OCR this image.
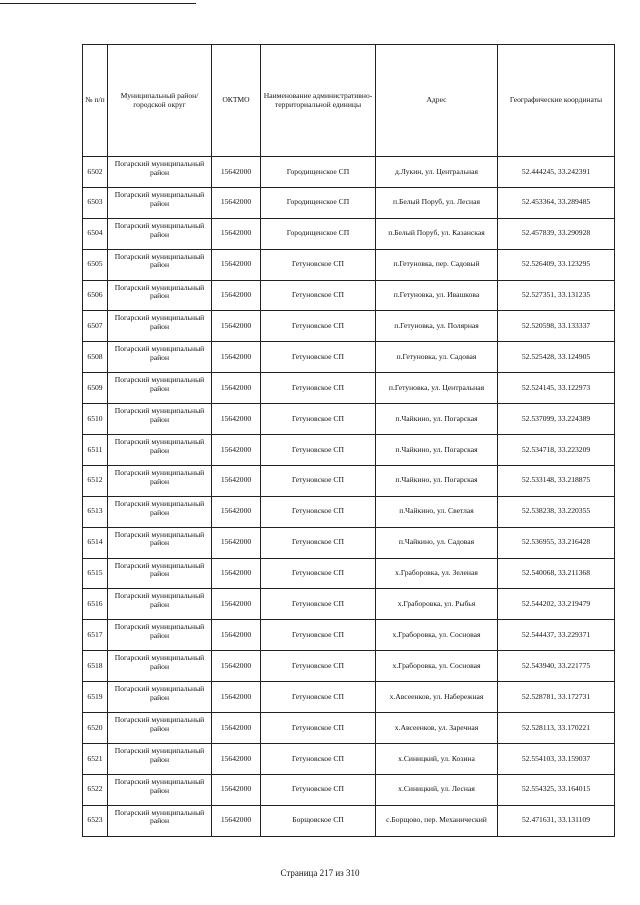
№ п/п	Муниципальный район/городской округ	ОКТМО	Наименование административно-территориальной единицы	Адрес	Географические координаты
6502	Погарский муниципальный район	15642000	Городищенское СП	д.Лукин, ул. Центральная	52.444245, 33.242391
6503	Погарский муниципальный район	15642000	Городищенское СП	п.Белый Поруб, ул. Лесная	52.453364, 33.289485
6504	Погарский муниципальный район	15642000	Городищенское СП	п.Белый Поруб, ул. Казанская	52.457839, 33.290928
6505	Погарский муниципальный район	15642000	Гетуновское СП	п.Гетуновка, пер. Садовый	52.526409, 33.123295
6506	Погарский муниципальный район	15642000	Гетуновское СП	п.Гетуновка, ул. Ивашкова	52.527351, 33.131235
6507	Погарский муниципальный район	15642000	Гетуновское СП	п.Гетуновка, ул. Полярная	52.520598, 33.133337
6508	Погарский муниципальный район	15642000	Гетуновское СП	п.Гетуновка, ул. Садовая	52.525428, 33.124905
6509	Погарский муниципальный район	15642000	Гетуновское СП	п.Гетуновка, ул. Центральная	52.524145, 33.122973
6510	Погарский муниципальный район	15642000	Гетуновское СП	п.Чайкино, ул. Погарская	52.537099, 33.224389
6511	Погарский муниципальный район	15642000	Гетуновское СП	п.Чайкино, ул. Погарская	52.534718, 33.223209
6512	Погарский муниципальный район	15642000	Гетуновское СП	п.Чайкино, ул. Погарская	52.533148, 33.218875
6513	Погарский муниципальный район	15642000	Гетуновское СП	п.Чайкино, ул. Светлая	52.538238, 33.220355
6514	Погарский муниципальный район	15642000	Гетуновское СП	п.Чайкино, ул. Садовая	52.536955, 33.216428
6515	Погарский муниципальный район	15642000	Гетуновское СП	х.Граборовка, ул. Зеленая	52.540068, 33.211368
6516	Погарский муниципальный район	15642000	Гетуновское СП	х.Граборовка, ул. Рыбья	52.544202, 33.219479
6517	Погарский муниципальный район	15642000	Гетуновское СП	х.Граборовка, ул. Сосновая	52.544437, 33.229371
6518	Погарский муниципальный район	15642000	Гетуновское СП	х.Граборовка, ул. Сосновая	52.543940, 33.221775
6519	Погарский муниципальный район	15642000	Гетуновское СП	х.Авсеенков, ул. Набережная	52.528781, 33.172731
6520	Погарский муниципальный район	15642000	Гетуновское СП	х.Авсеенков, ул. Заречная	52.528113, 33.170221
6521	Погарский муниципальный район	15642000	Гетуновское СП	х.Синицкий, ул. Козина	52.554103, 33.159037
6522	Погарский муниципальный район	15642000	Гетуновское СП	х.Синицкий, ул. Лесная	52.554325, 33.164015
6523	Погарский муниципальный район	15642000	Борщовское СП	с.Борщово, пер. Механический	52.471631, 33.131109
Страница 217 из 310
